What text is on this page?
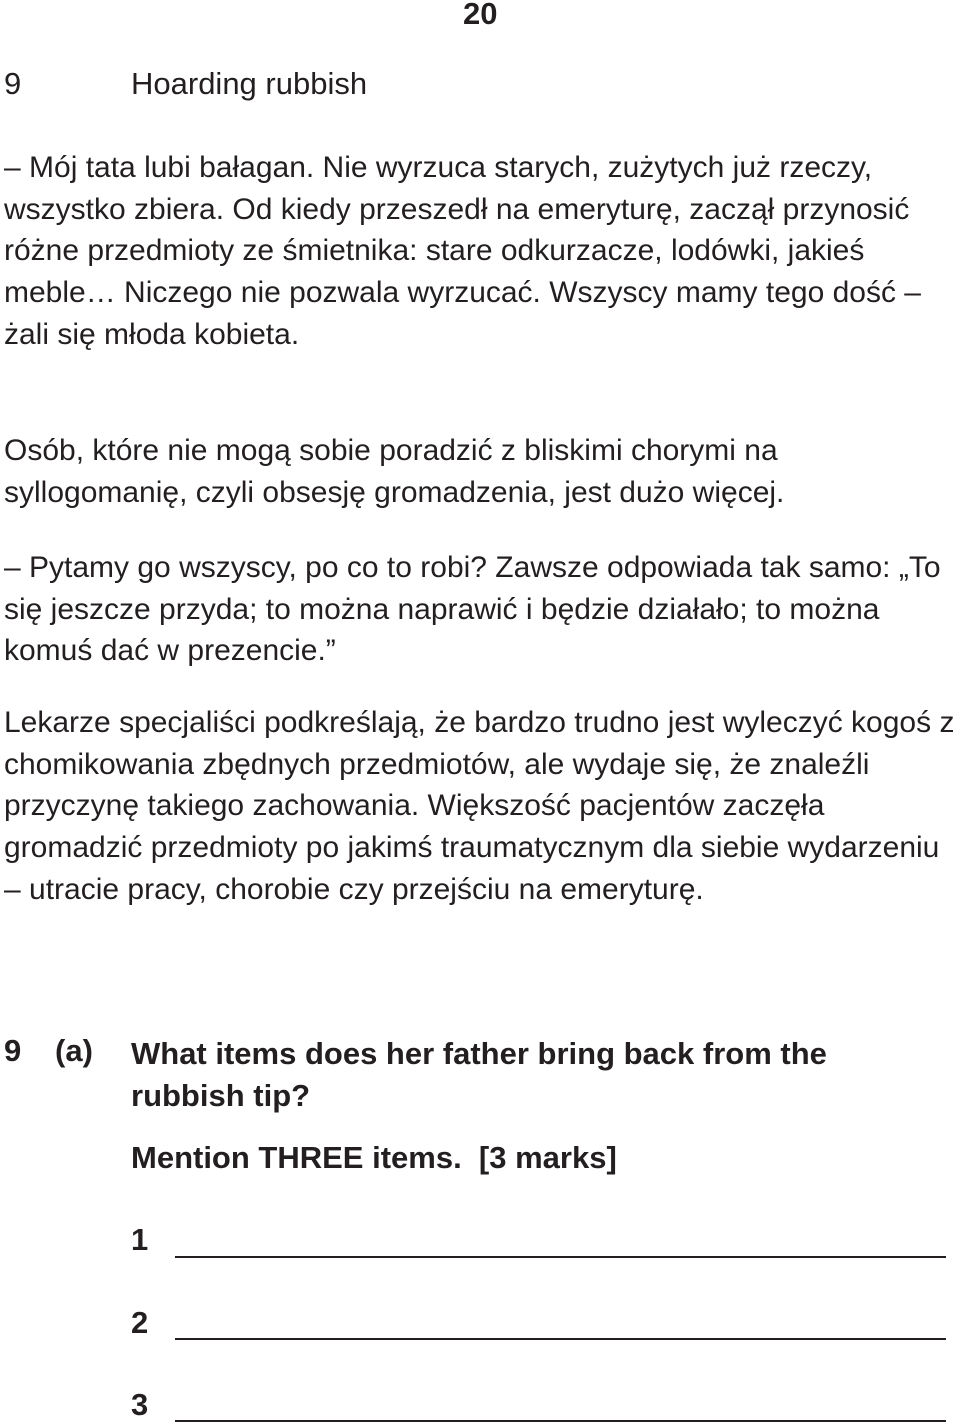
20
9	Hoarding rubbish

– Mój tata lubi bałagan. Nie wyrzuca starych, zużytych już rzeczy, wszystko zbiera. Od kiedy przeszedł na emeryturę, zaczął przynosić różne przedmioty ze śmietnika: stare odkurzacze, lodówki, jakieś meble… Niczego nie pozwala wyrzucać. Wszyscy mamy tego dość – żali się młoda kobieta.

Osób, które nie mogą sobie poradzić z bliskimi chorymi na syllogomanię, czyli obsesję gromadzenia, jest dużo więcej.

– Pytamy go wszyscy, po co to robi? Zawsze odpowiada tak samo: „To się jeszcze przyda; to można naprawić i będzie działało; to można komuś dać w prezencie.”

Lekarze specjaliści podkreślają, że bardzo trudno jest wyleczyć kogoś z chomikowania zbędnych przedmiotów, ale wydaje się, że znaleźli przyczynę takiego zachowania. Większość pacjentów zaczęła gromadzić przedmioty po jakimś traumatycznym dla siebie wydarzeniu – utracie pracy, chorobie czy przejściu na emeryturę.

9 (a) What items does her father bring back from the rubbish tip?
Mention THREE items.  [3 marks]
1
2
3
